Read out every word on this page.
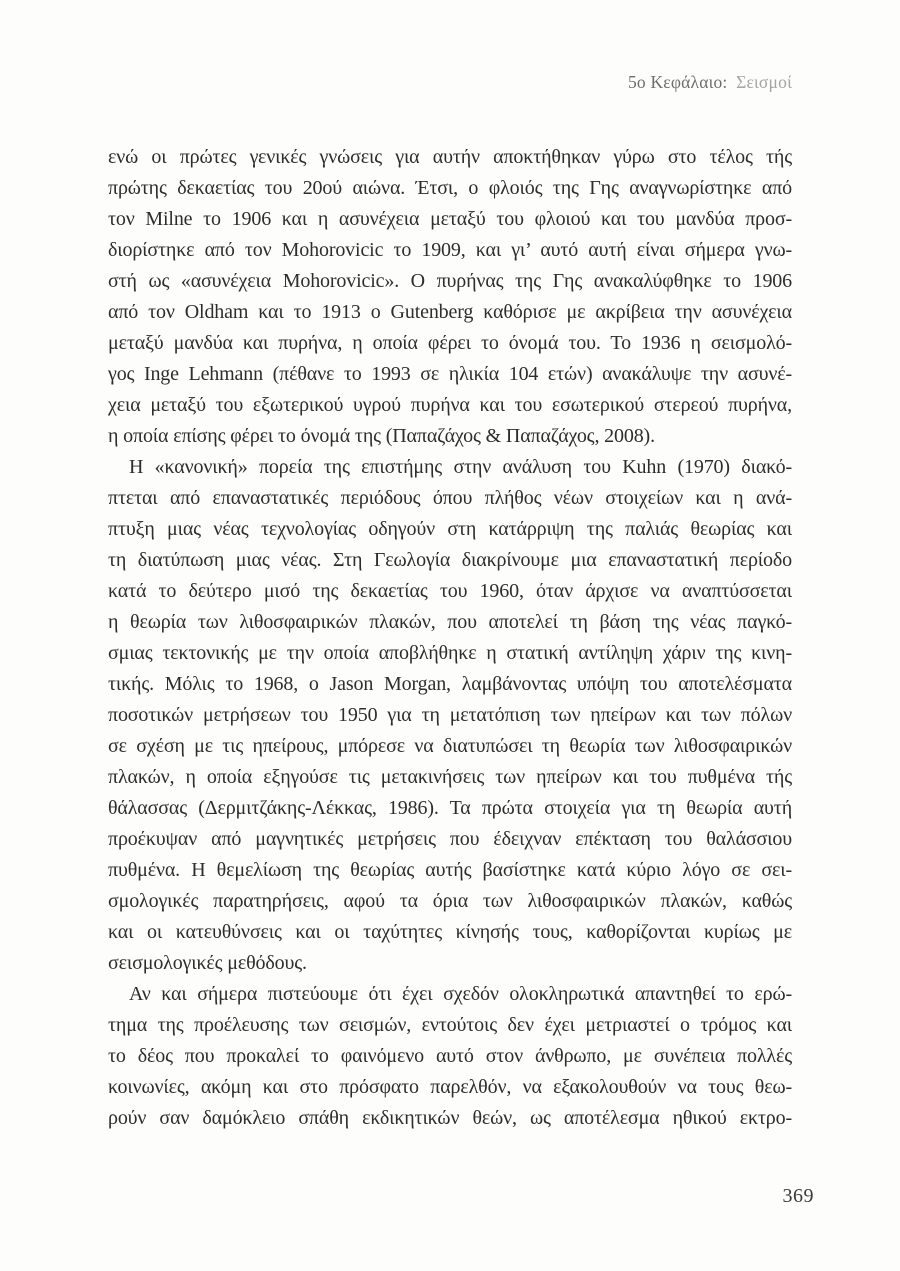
5ο Κεφάλαιο: Σεισμοί
ενώ οι πρώτες γενικές γνώσεις για αυτήν αποκτήθηκαν γύρω στο τέλος τής
πρώτης δεκαετίας του 20ού αιώνα. Έτσι, ο φλοιός της Γης αναγνωρίστηκε από
τον Milne το 1906 και η ασυνέχεια μεταξύ του φλοιού και του μανδύα προσ-
διορίστηκε από τον Mohorovicic το 1909, και γι’ αυτό αυτή είναι σήμερα γνω-
στή ως «ασυνέχεια Mohorovicic». Ο πυρήνας της Γης ανακαλύφθηκε το 1906
από τον Oldham και το 1913 ο Gutenberg καθόρισε με ακρίβεια την ασυνέχεια
μεταξύ μανδύα και πυρήνα, η οποία φέρει το όνομά του. Το 1936 η σεισμολό-
γος Inge Lehmann (πέθανε το 1993 σε ηλικία 104 ετών) ανακάλυψε την ασυνέ-
χεια μεταξύ του εξωτερικού υγρού πυρήνα και του εσωτερικού στερεού πυρήνα,
η οποία επίσης φέρει το όνομά της (Παπαζάχος & Παπαζάχος, 2008).
Η «κανονική» πορεία της επιστήμης στην ανάλυση του Kuhn (1970) διακό-
πτεται από επαναστατικές περιόδους όπου πλήθος νέων στοιχείων και η ανά-
πτυξη μιας νέας τεχνολογίας οδηγούν στη κατάρριψη της παλιάς θεωρίας και
τη διατύπωση μιας νέας. Στη Γεωλογία διακρίνουμε μια επαναστατική περίοδο
κατά το δεύτερο μισό της δεκαετίας του 1960, όταν άρχισε να αναπτύσσεται
η θεωρία των λιθοσφαιρικών πλακών, που αποτελεί τη βάση της νέας παγκό-
σμιας τεκτονικής με την οποία αποβλήθηκε η στατική αντίληψη χάριν της κινη-
τικής. Μόλις το 1968, ο Jason Morgan, λαμβάνοντας υπόψη του αποτελέσματα
ποσοτικών μετρήσεων του 1950 για τη μετατόπιση των ηπείρων και των πόλων
σε σχέση με τις ηπείρους, μπόρεσε να διατυπώσει τη θεωρία των λιθοσφαιρικών
πλακών, η οποία εξηγούσε τις μετακινήσεις των ηπείρων και του πυθμένα τής
θάλασσας (Δερμιτζάκης-Λέκκας, 1986). Τα πρώτα στοιχεία για τη θεωρία αυτή
προέκυψαν από μαγνητικές μετρήσεις που έδειχναν επέκταση του θαλάσσιου
πυθμένα. Η θεμελίωση της θεωρίας αυτής βασίστηκε κατά κύριο λόγο σε σει-
σμολογικές παρατηρήσεις, αφού τα όρια των λιθοσφαιρικών πλακών, καθώς
και οι κατευθύνσεις και οι ταχύτητες κίνησής τους, καθορίζονται κυρίως με
σεισμολογικές μεθόδους.
Αν και σήμερα πιστεύουμε ότι έχει σχεδόν ολοκληρωτικά απαντηθεί το ερώ-
τημα της προέλευσης των σεισμών, εντούτοις δεν έχει μετριαστεί ο τρόμος και
το δέος που προκαλεί το φαινόμενο αυτό στον άνθρωπο, με συνέπεια πολλές
κοινωνίες, ακόμη και στο πρόσφατο παρελθόν, να εξακολουθούν να τους θεω-
ρούν σαν δαμόκλειο σπάθη εκδικητικών θεών, ως αποτέλεσμα ηθικού εκτρο-
369
